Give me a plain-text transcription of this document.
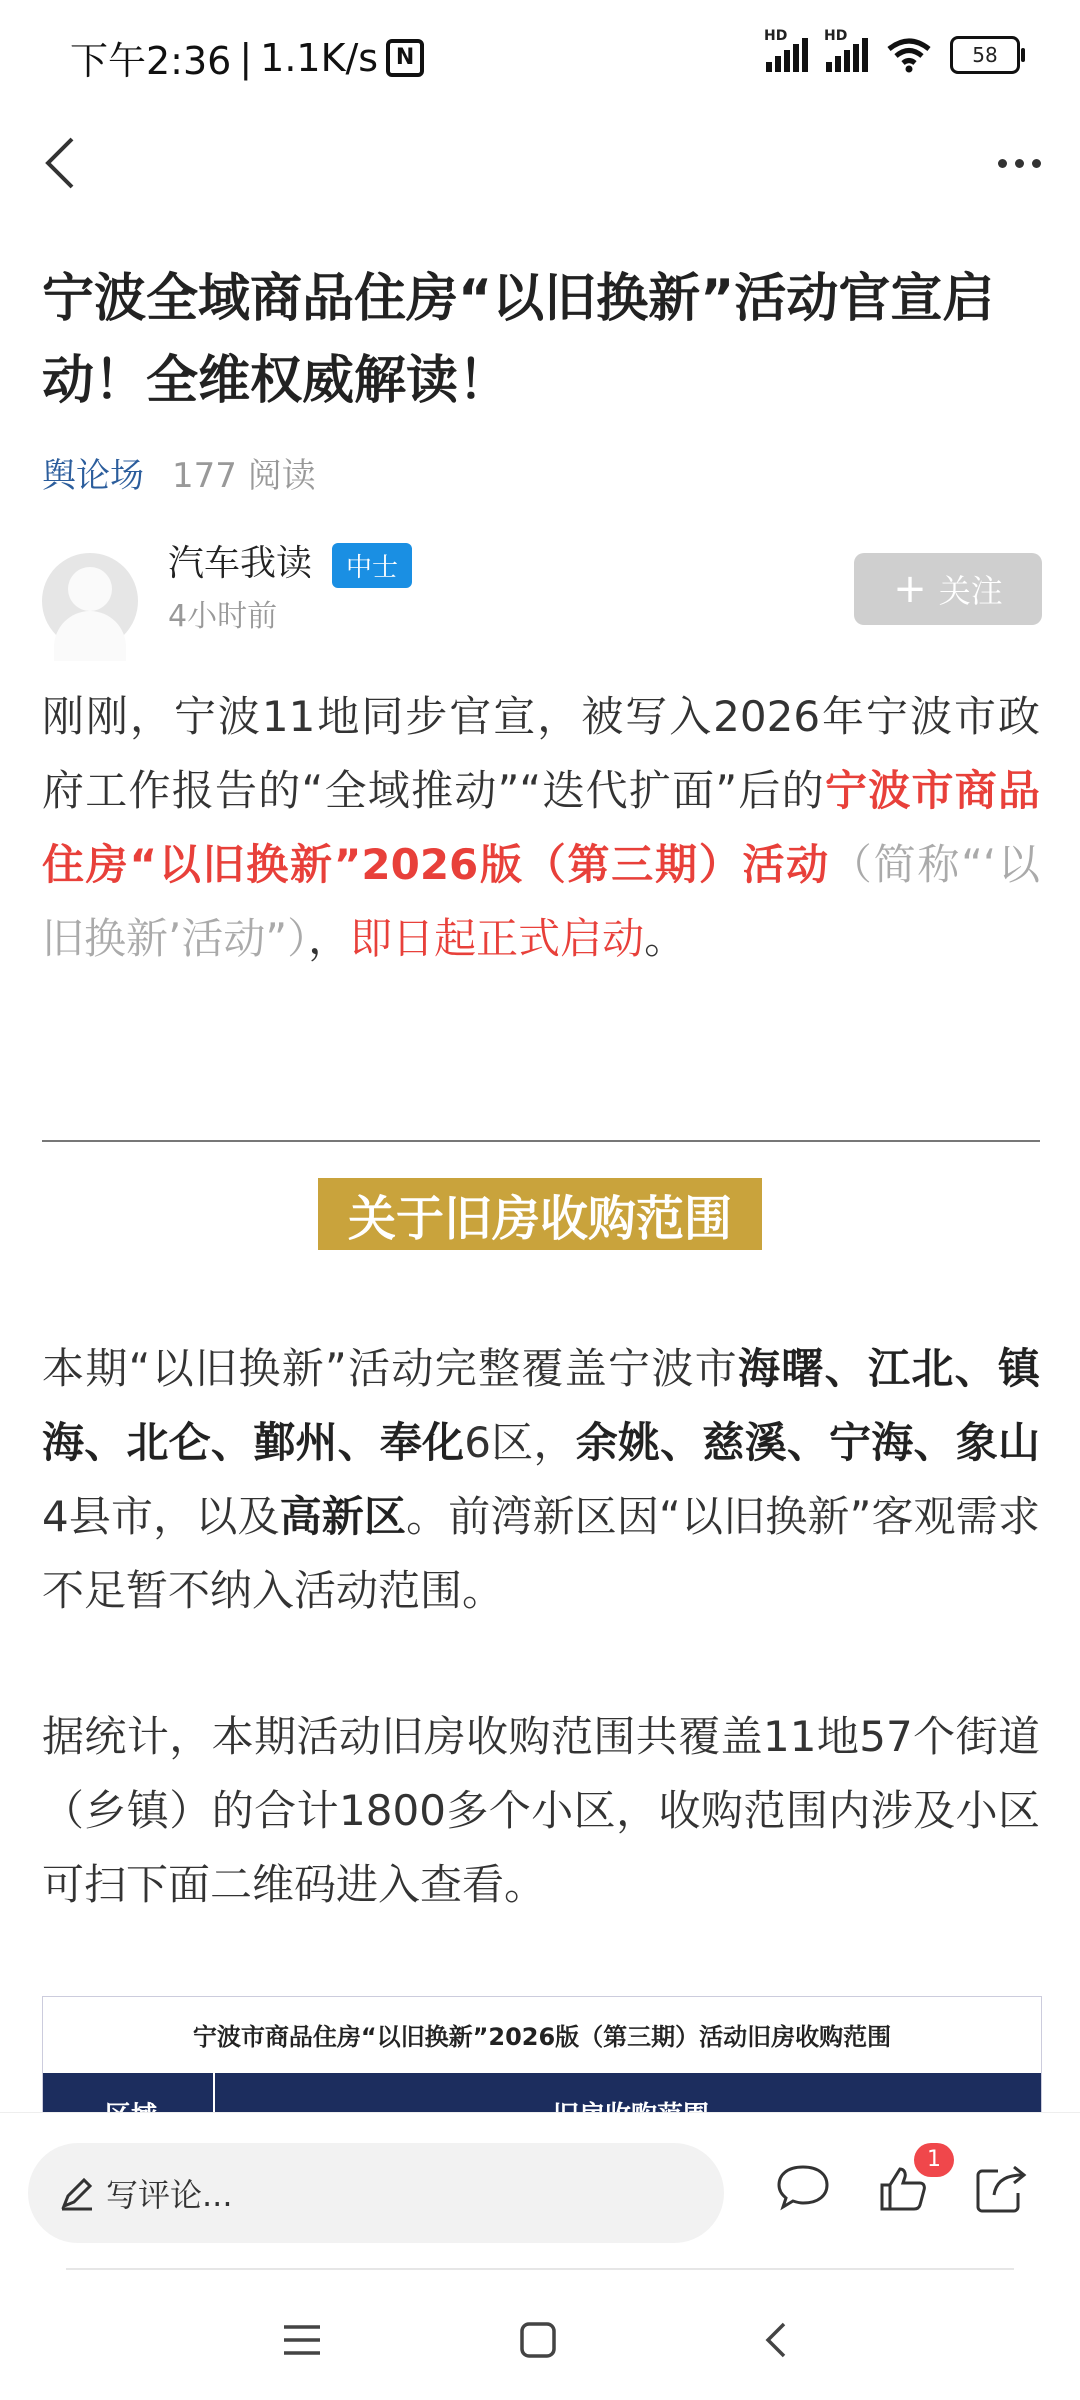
下午2:36 | 1.1K/s N
HD	HD
58
宁波全域商品住房“以旧换新”活动官宣启动！全维权威解读！
舆论场 177 阅读
汽车我读	中士
4小时前
+ 关注

刚刚，宁波11地同步官宣，被写入2026年宁波市政府工作报告的“全域推动”“迭代扩面”后的宁波市商品住房“以旧换新”2026版（第三期）活动（简称“‘以旧换新’活动”），即日起正式启动。

关于旧房收购范围

本期“以旧换新”活动完整覆盖宁波市海曙、江北、镇海、北仑、鄞州、奉化6区，余姚、慈溪、宁海、象山4县市，以及高新区。前湾新区因“以旧换新”客观需求不足暂不纳入活动范围。

据统计，本期活动旧房收购范围共覆盖11地57个街道（乡镇）的合计1800多个小区，收购范围内涉及小区可扫下面二维码进入查看。

宁波市商品住房“以旧换新”2026版（第三期）活动旧房收购范围
写评论...
1
